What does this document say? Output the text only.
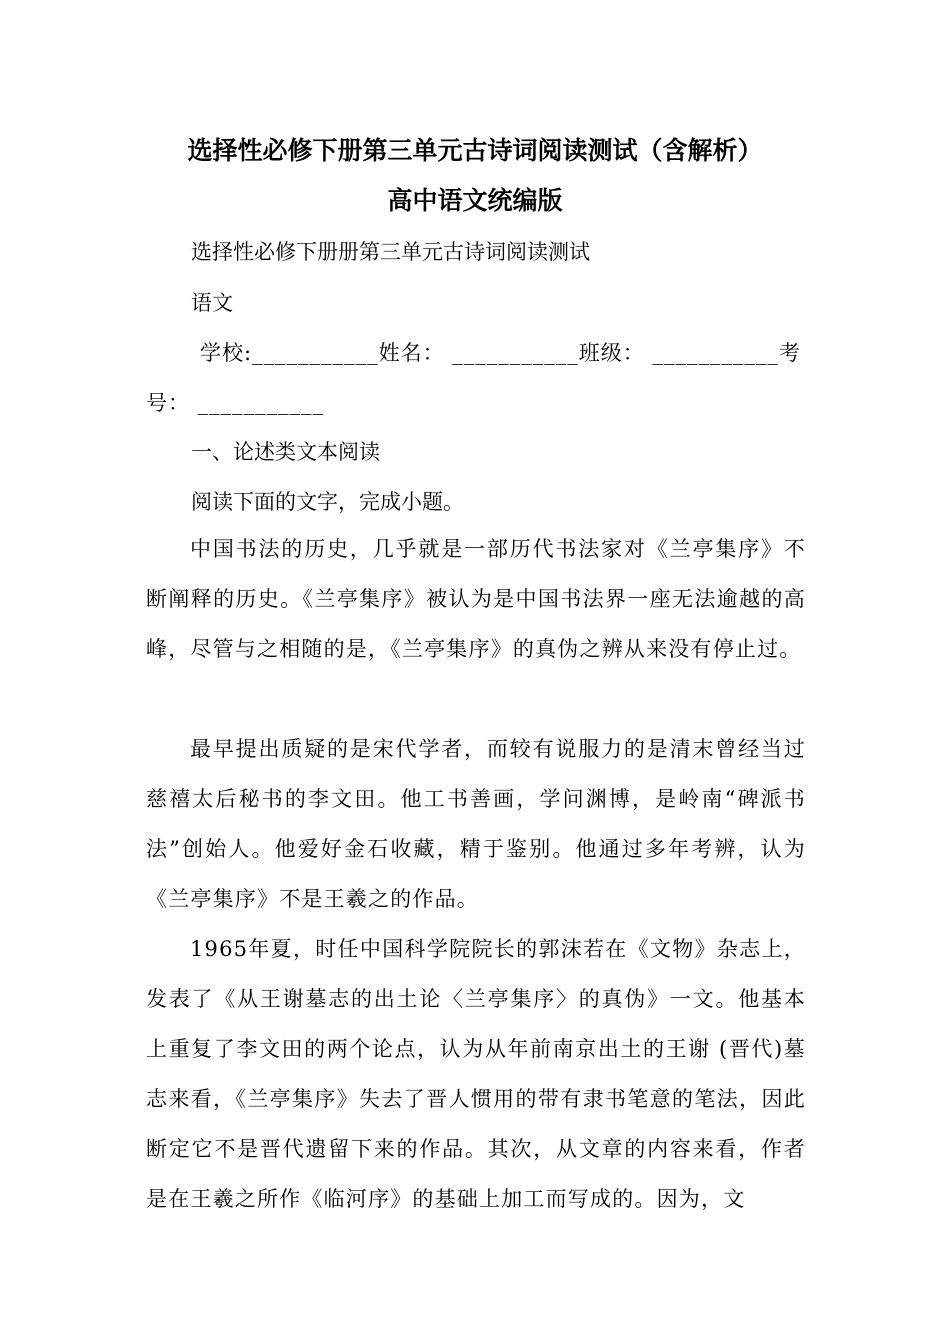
选择性必修下册第三单元古诗词阅读测试（含解析）
高中语文统编版
选择性必修下册册第三单元古诗词阅读测试
语文
学校:___________姓名： ___________班级： ___________考
号： ___________
一、论述类文本阅读
阅读下面的文字，完成小题。
中国书法的历史，几乎就是一部历代书法家对《兰亭集序》不断阐释的历史。《兰亭集序》被认为是中国书法界一座无法逾越的高峰，尽管与之相随的是，《兰亭集序》的真伪之辨从来没有停止过。
最早提出质疑的是宋代学者，而较有说服力的是清末曾经当过慈禧太后秘书的李文田。他工书善画，学问渊博，是岭南“碑派书法”创始人。他爱好金石收藏，精于鉴别。他通过多年考辨，认为《兰亭集序》不是王羲之的作品。
1965年夏，时任中国科学院院长的郭沫若在《文物》杂志上，发表了《从王谢墓志的出土论〈兰亭集序〉的真伪》一文。他基本上重复了李文田的两个论点，认为从年前南京出土的王谢 (晋代)墓志来看，《兰亭集序》失去了晋人惯用的带有隶书笔意的笔法，因此断定它不是晋代遗留下来的作品。其次，从文章的内容来看，作者是在王羲之所作《临河序》的基础上加工而写成的。因为，文
